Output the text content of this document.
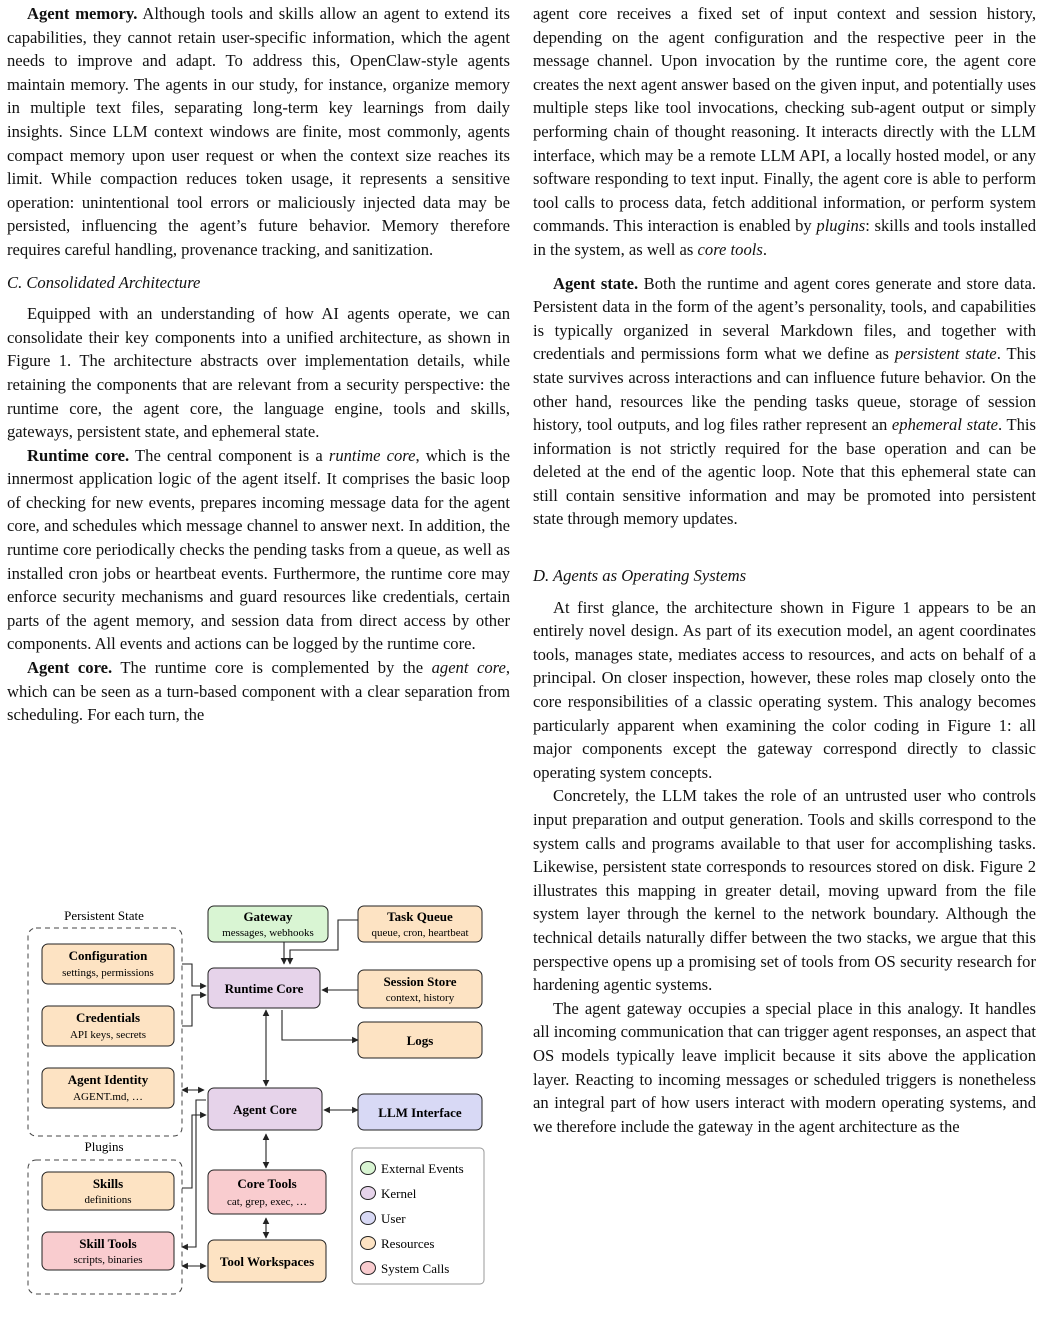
Agent memory. Although tools and skills allow an agent to extend its capabilities, they cannot retain user-specific information, which the agent needs to improve and adapt. To address this, OpenClaw-style agents maintain memory. The agents in our study, for instance, organize memory in multiple text files, separating long-term key learnings from daily insights. Since LLM context windows are finite, most commonly, agents compact memory upon user request or when the context size reaches its limit. While compaction reduces token usage, it represents a sensitive operation: unintentional tool errors or maliciously injected data may be persisted, influencing the agent’s future behavior. Memory therefore requires careful handling, provenance tracking, and sanitization.

C. Consolidated Architecture

Equipped with an understanding of how AI agents operate, we can consolidate their key components into a unified architecture, as shown in Figure 1. The architecture abstracts over implementation details, while retaining the components that are relevant from a security perspective: the runtime core, the agent core, the language engine, tools and skills, gateways, persistent state, and ephemeral state.

Runtime core. The central component is a runtime core, which is the innermost application logic of the agent itself. It comprises the basic loop of checking for new events, prepares incoming message data for the agent core, and schedules which message channel to answer next. In addition, the runtime core periodically checks the pending tasks from a queue, as well as installed cron jobs or heartbeat events. Furthermore, the runtime core may enforce security mechanisms and guard resources like credentials, certain parts of the agent memory, and session data from direct access by other components. All events and actions can be logged by the runtime core.

Agent core. The runtime core is complemented by the agent core, which can be seen as a turn-based component with a clear separation from scheduling. For each turn, the

agent core receives a fixed set of input context and session history, depending on the agent configuration and the respective peer in the message channel. Upon invocation by the runtime core, the agent core creates the next agent answer based on the given input, and potentially uses multiple steps like tool invocations, checking sub-agent output or simply performing chain of thought reasoning. It interacts directly with the LLM interface, which may be a remote LLM API, a locally hosted model, or any software responding to text input. Finally, the agent core is able to perform tool calls to process data, fetch additional information, or perform system commands. This interaction is enabled by plugins: skills and tools installed in the system, as well as core tools.

Agent state. Both the runtime and agent cores generate and store data. Persistent data in the form of the agent’s personality, tools, and capabilities is typically organized in several Markdown files, and together with credentials and permissions form what we define as persistent state. This state survives across interactions and can influence future behavior. On the other hand, resources like the pending tasks queue, storage of session history, tool outputs, and log files rather represent an ephemeral state. This information is not strictly required for the base operation and can be deleted at the end of the agentic loop. Note that this ephemeral state can still contain sensitive information and may be promoted into persistent state through memory updates.

D. Agents as Operating Systems

At first glance, the architecture shown in Figure 1 appears to be an entirely novel design. As part of its execution model, an agent coordinates tools, manages state, mediates access to resources, and acts on behalf of a principal. On closer inspection, however, these roles map closely onto the core responsibilities of a classic operating system. This analogy becomes particularly apparent when examining the color coding in Figure 1: all major components except the gateway correspond directly to classic operating system concepts.

Concretely, the LLM takes the role of an untrusted user who controls input preparation and output generation. Tools and skills correspond to the system calls and programs available to that user for accomplishing tasks. Likewise, persistent state corresponds to resources stored on disk. Figure 2 illustrates this mapping in greater detail, moving upward from the file system layer through the kernel to the network boundary. Although the technical details naturally differ between the two stacks, we argue that this perspective opens up a promising set of tools from OS security research for hardening agentic systems.

The agent gateway occupies a special place in this analogy. It handles all incoming communication that can trigger agent responses, an aspect that OS models typically leave implicit because it sits above the application layer. Reacting to incoming messages or scheduled triggers is nonetheless an integral part of how users interact with modern operating systems, and we therefore include the gateway in the agent architecture as the

Persistent State
Plugins
Configuration
settings, permissions
Credentials
API keys, secrets
Agent Identity
AGENT.md, …
Gateway
messages, webhooks
Task Queue
queue, cron, heartbeat
Runtime Core	Session Store
context, history
Logs
Agent Core	LLM Interface
Skills
definitions
Skill Tools
scripts, binaries
Core Tools
cat, grep, exec, …
Tool Workspaces
External Events
Kernel
User
Resources
System Calls
